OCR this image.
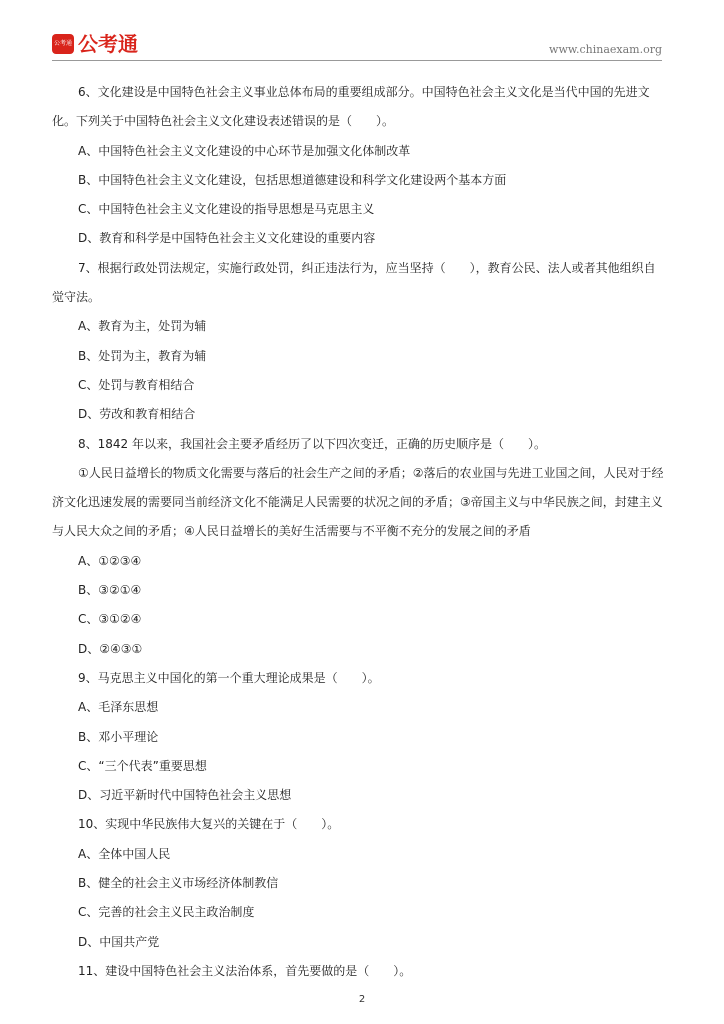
公考通 公考通	www.chinaexam.org

6、文化建设是中国特色社会主义事业总体布局的重要组成部分。中国特色社会主义文化是当代中国的先进文化。下列关于中国特色社会主义文化建设表述错误的是（　　）。

A、中国特色社会主义文化建设的中心环节是加强文化体制改革

B、中国特色社会主义文化建设，包括思想道德建设和科学文化建设两个基本方面

C、中国特色社会主义文化建设的指导思想是马克思主义

D、教育和科学是中国特色社会主义文化建设的重要内容

7、根据行政处罚法规定，实施行政处罚，纠正违法行为，应当坚持（　　），教育公民、法人或者其他组织自觉守法。

A、教育为主，处罚为辅

B、处罚为主，教育为辅

C、处罚与教育相结合

D、劳改和教育相结合

8、1842 年以来，我国社会主要矛盾经历了以下四次变迁，正确的历史顺序是（　　）。

①人民日益增长的物质文化需要与落后的社会生产之间的矛盾；②落后的农业国与先进工业国之间，人民对于经济文化迅速发展的需要同当前经济文化不能满足人民需要的状况之间的矛盾；③帝国主义与中华民族之间，封建主义与人民大众之间的矛盾；④人民日益增长的美好生活需要与不平衡不充分的发展之间的矛盾

A、①②③④

B、③②①④

C、③①②④

D、②④③①

9、马克思主义中国化的第一个重大理论成果是（　　）。

A、毛泽东思想

B、邓小平理论

C、“三个代表”重要思想

D、习近平新时代中国特色社会主义思想

10、实现中华民族伟大复兴的关键在于（　　）。

A、全体中国人民

B、健全的社会主义市场经济体制教信

C、完善的社会主义民主政治制度

D、中国共产党

11、建设中国特色社会主义法治体系，首先要做的是（　　）。

2
